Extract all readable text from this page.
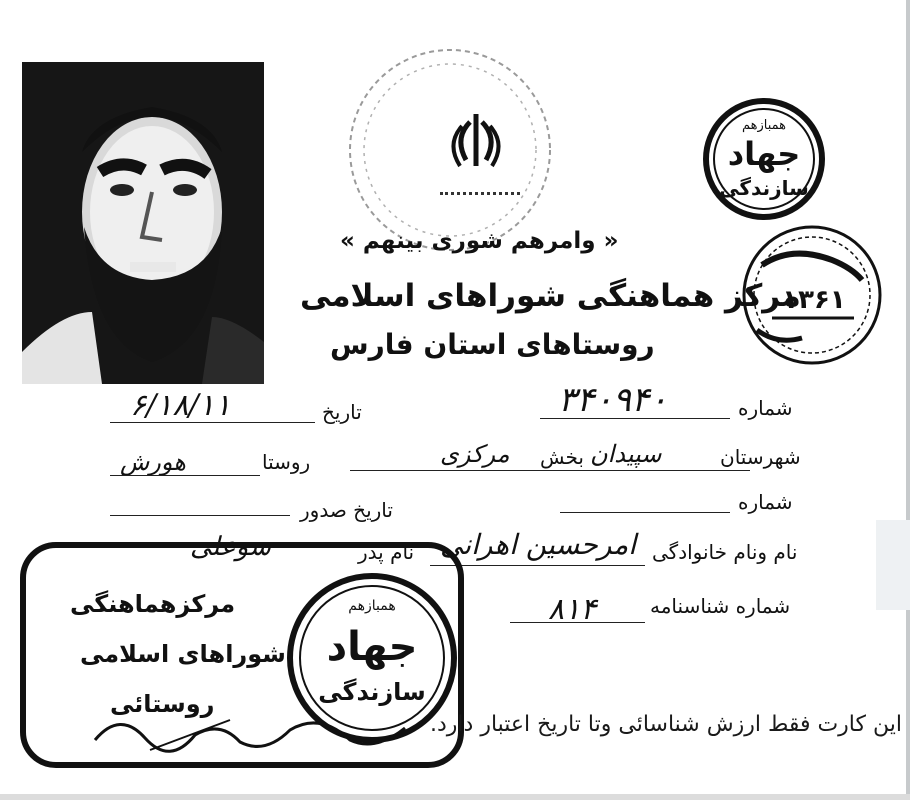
همبازهم
جهاد
سازندگی
۱۳۶۱
« وامرهم شوری بینهم »
مرکز هماهنگی شوراهای اسلامی
روستاهای استان فارس
شماره
۳۴۰۹۴۰
تاریخ
۶/۱۸/۱۱
شهرستان
سپیدان
بخش
مرکزی
روستا
هورش
شماره
تاریخ صدور
نام ونام خانوادگی
امرحسین اهرانی
نام پدر
سوعلی
شماره شناسنامه
۸۱۴
مرکزهماهنگی
شوراهای اسلامی
روستائی
همبازهم
جهاد
سازندگی
این کارت فقط ارزش شناسائی وتا تاریخ اعتبار دارد.
